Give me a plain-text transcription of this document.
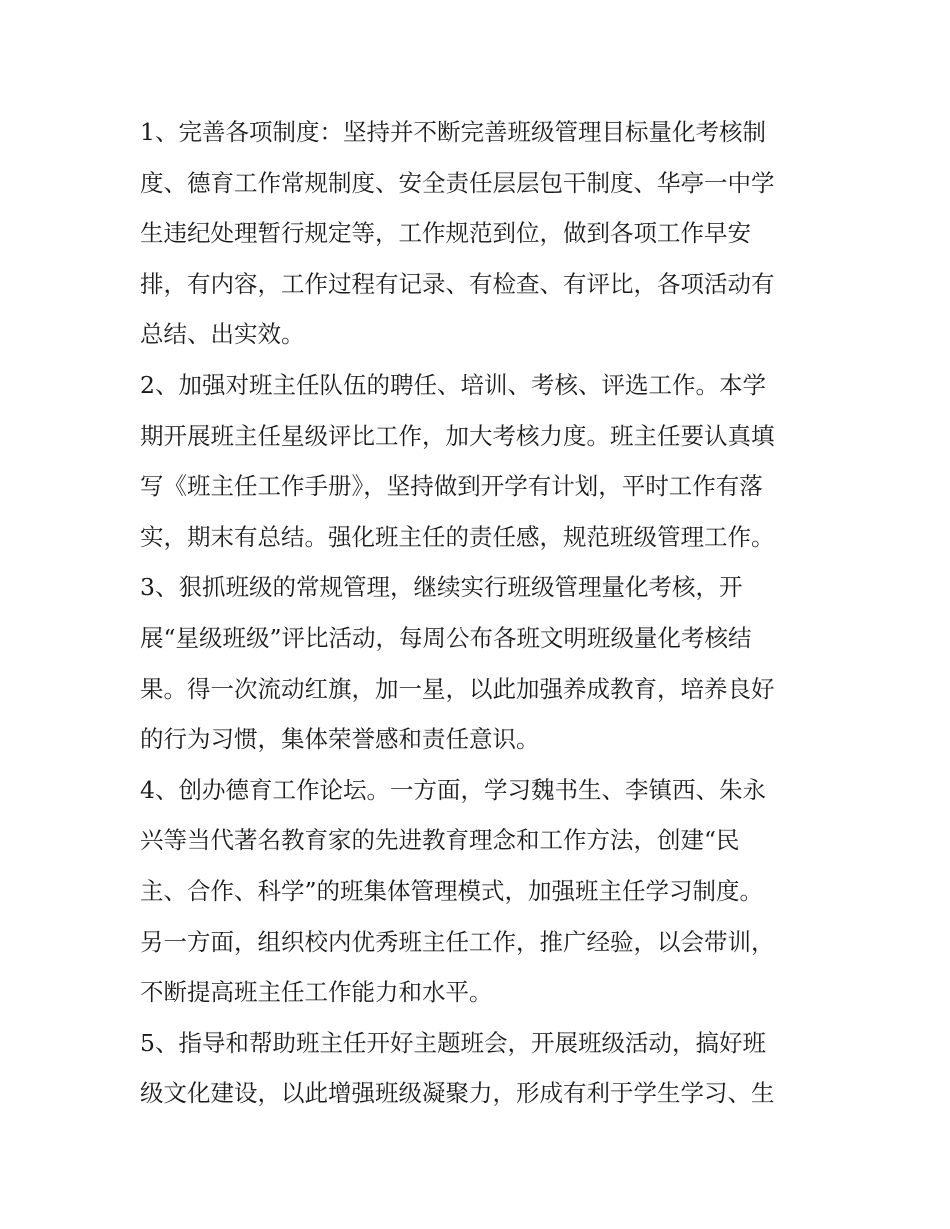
1、完善各项制度：坚持并不断完善班级管理目标量化考核制
度、德育工作常规制度、安全责任层层包干制度、华亭一中学
生违纪处理暂行规定等，工作规范到位，做到各项工作早安
排，有内容，工作过程有记录、有检查、有评比，各项活动有
总结、出实效。
2、加强对班主任队伍的聘任、培训、考核、评选工作。本学
期开展班主任星级评比工作，加大考核力度。班主任要认真填
写《班主任工作手册》，坚持做到开学有计划，平时工作有落
实，期末有总结。强化班主任的责任感，规范班级管理工作。
3、狠抓班级的常规管理，继续实行班级管理量化考核，开
展“星级班级”评比活动，每周公布各班文明班级量化考核结
果。得一次流动红旗，加一星，以此加强养成教育，培养良好
的行为习惯，集体荣誉感和责任意识。
4、创办德育工作论坛。一方面，学习魏书生、李镇西、朱永
兴等当代著名教育家的先进教育理念和工作方法，创建“民
主、合作、科学”的班集体管理模式，加强班主任学习制度。
另一方面，组织校内优秀班主任工作，推广经验，以会带训，
不断提高班主任工作能力和水平。
5、指导和帮助班主任开好主题班会，开展班级活动，搞好班
级文化建设，以此增强班级凝聚力，形成有利于学生学习、生
